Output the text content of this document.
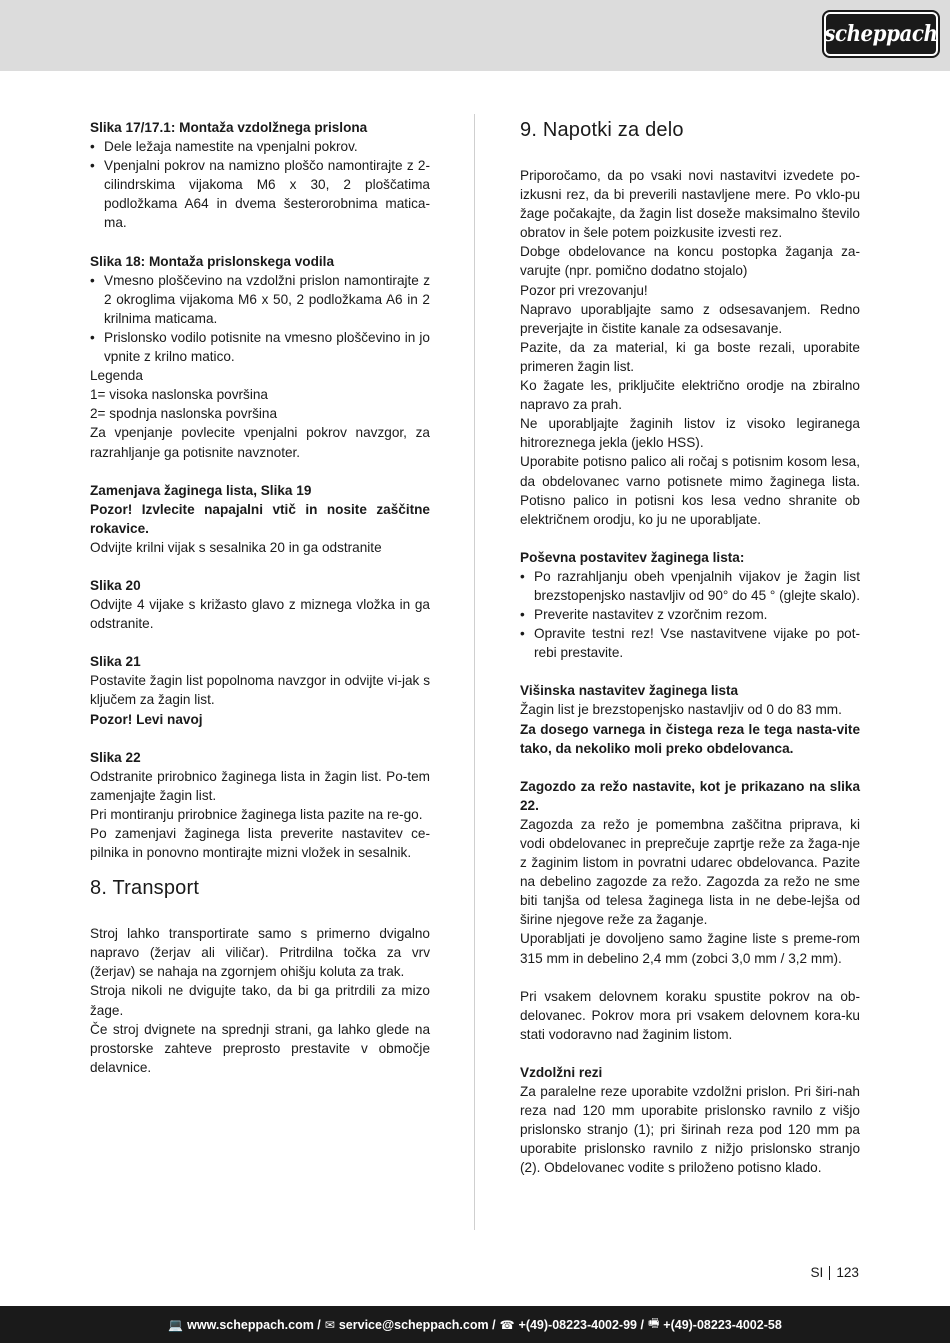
scheppach

Slika 17/17.1: Montaža vzdolžnega prislona

• Dele ležaja namestite na vpenjalni pokrov.

• Vpenjalni pokrov na namizno ploščo namontirajte z 2- cilindrskima vijakoma M6 x 30, 2 ploščatima podložkama A64 in dvema šesterorobnima matica-ma.

Slika 18: Montaža prislonskega vodila

• Vmesno ploščevino na vzdolžni prislon namontirajte z 2 okroglima vijakoma M6 x 50, 2 podložkama A6 in 2 krilnima maticama.

• Prislonsko vodilo potisnite na vmesno ploščevino in jo vpnite z krilno matico.

Legenda

1= visoka naslonska površina

2= spodnja naslonska površina

Za vpenjanje povlecite vpenjalni pokrov navzgor, za razrahljanje ga potisnite navznoter.

Zamenjava žaginega lista, Slika 19

Pozor! Izvlecite napajalni vtič in nosite zaščitne rokavice.

Odvijte krilni vijak s sesalnika 20 in ga odstranite

Slika 20

Odvijte 4 vijake s križasto glavo z miznega vložka in ga odstranite.

Slika 21

Postavite žagin list popolnoma navzgor in odvijte vi-jak s ključem za žagin list.

Pozor! Levi navoj

Slika 22

Odstranite prirobnico žaginega lista in žagin list. Po-tem zamenjajte žagin list.

Pri montiranju prirobnice žaginega lista pazite na re-go.

Po zamenjavi žaginega lista preverite nastavitev ce-pilnika in ponovno montirajte mizni vložek in sesalnik.

8. Transport

Stroj lahko transportirate samo s primerno dvigalno napravo (žerjav ali viličar). Pritrdilna točka za vrv (žerjav) se nahaja na zgornjem ohišju koluta za trak.

Stroja nikoli ne dvigujte tako, da bi ga pritrdili za mizo žage.

Če stroj dvignete na sprednji strani, ga lahko glede na prostorske zahteve preprosto prestavite v območje delavnice.

9. Napotki za delo

Priporočamo, da po vsaki novi nastavitvi izvedete po-izkusni rez, da bi preverili nastavljene mere. Po vklo-pu žage počakajte, da žagin list doseže maksimalno število obratov in šele potem poizkusite izvesti rez.

Dobge obdelovance na koncu postopka žaganja za-varujte (npr. pomično dodatno stojalo)

Pozor pri vrezovanju!

Napravo uporabljajte samo z odsesavanjem. Redno preverjajte in čistite kanale za odsesavanje.

Pazite, da za material, ki ga boste rezali, uporabite primeren žagin list.

Ko žagate les, priključite električno orodje na zbiralno napravo za prah.

Ne uporabljajte žaginih listov iz visoko legiranega hitroreznega jekla (jeklo HSS).

Uporabite potisno palico ali ročaj s potisnim kosom lesa, da obdelovanec varno potisnete mimo žaginega lista. Potisno palico in potisni kos lesa vedno shranite ob električnem orodju, ko ju ne uporabljate.

Poševna postavitev žaginega lista:

• Po razrahljanju obeh vpenjalnih vijakov je žagin list brezstopenjsko nastavljiv od 90° do 45 ° (glejte skalo).

• Preverite nastavitev z vzorčnim rezom.

• Opravite testni rez! Vse nastavitvene vijake po pot-rebi prestavite.

Višinska nastavitev žaginega lista

Žagin list je brezstopenjsko nastavljiv od 0 do 83 mm.

Za dosego varnega in čistega reza le tega nasta-vite tako, da nekoliko moli preko obdelovanca.

Zagozdo za režo nastavite, kot je prikazano na slika 22.

Zagozda za režo je pomembna zaščitna priprava, ki vodi obdelovanec in preprečuje zaprtje reže za žaga-nje z žaginim listom in povratni udarec obdelovanca. Pazite na debelino zagozde za režo. Zagozda za režo ne sme biti tanjša od telesa žaginega lista in ne debe-lejša od širine njegove reže za žaganje.

Uporabljati je dovoljeno samo žagine liste s preme-rom 315 mm in debelino 2,4 mm (zobci 3,0 mm / 3,2 mm).

Pri vsakem delovnem koraku spustite pokrov na ob-delovanec. Pokrov mora pri vsakem delovnem kora-ku stati vodoravno nad žaginim listom.

Vzdolžni rezi

Za paralelne reze uporabite vzdolžni prislon. Pri širi-nah reza nad 120 mm uporabite prislonsko ravnilo z višjo prislonsko stranjo (1); pri širinah reza pod 120 mm pa uporabite prislonsko ravnilo z nižjo prislonsko stranjo (2). Obdelovanec vodite s priloženo potisno klado.

SI 123
💻 www.scheppach.com / ✉ service@scheppach.com / ☎ +(49)-08223-4002-99 / 🖷 +(49)-08223-4002-58
